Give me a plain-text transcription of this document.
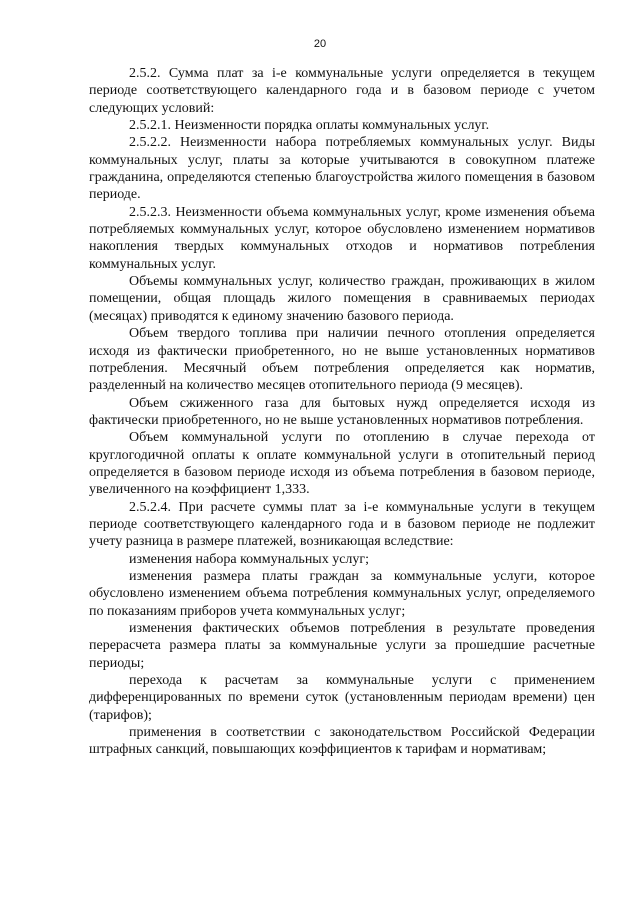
20

2.5.2. Сумма плат за i-е коммунальные услуги определяется в текущем периоде соответствующего календарного года и в базовом периоде с учетом следующих условий:

2.5.2.1. Неизменности порядка оплаты коммунальных услуг.

2.5.2.2. Неизменности набора потребляемых коммунальных услуг. Виды коммунальных услуг, платы за которые учитываются в совокупном платеже гражданина, определяются степенью благоустройства жилого помещения в базовом периоде.

2.5.2.3. Неизменности объема коммунальных услуг, кроме изменения объема потребляемых коммунальных услуг, которое обусловлено изменением нормативов накопления твердых коммунальных отходов и нормативов потребления коммунальных услуг.

Объемы коммунальных услуг, количество граждан, проживающих в жилом помещении, общая площадь жилого помещения в сравниваемых периодах (месяцах) приводятся к единому значению базового периода.

Объем твердого топлива при наличии печного отопления определяется исходя из фактически приобретенного, но не выше установленных нормативов потребления. Месячный объем потребления определяется как норматив, разделенный на количество месяцев отопительного периода (9 месяцев).

Объем сжиженного газа для бытовых нужд определяется исходя из фактически приобретенного, но не выше установленных нормативов потребления.

Объем коммунальной услуги по отоплению в случае перехода от круглогодичной оплаты к оплате коммунальной услуги в отопительный период определяется в базовом периоде исходя из объема потребления в базовом периоде, увеличенного на коэффициент 1,333.

2.5.2.4. При расчете суммы плат за i-е коммунальные услуги в текущем периоде соответствующего календарного года и в базовом периоде не подлежит учету разница в размере платежей, возникающая вследствие:

изменения набора коммунальных услуг;

изменения размера платы граждан за коммунальные услуги, которое обусловлено изменением объема потребления коммунальных услуг, определяемого по показаниям приборов учета коммунальных услуг;

изменения фактических объемов потребления в результате проведения перерасчета размера платы за коммунальные услуги за прошедшие расчетные периоды;

перехода к расчетам за коммунальные услуги с применением дифференцированных по времени суток (установленным периодам времени) цен (тарифов);

применения в соответствии с законодательством Российской Федерации штрафных санкций, повышающих коэффициентов к тарифам и нормативам;
